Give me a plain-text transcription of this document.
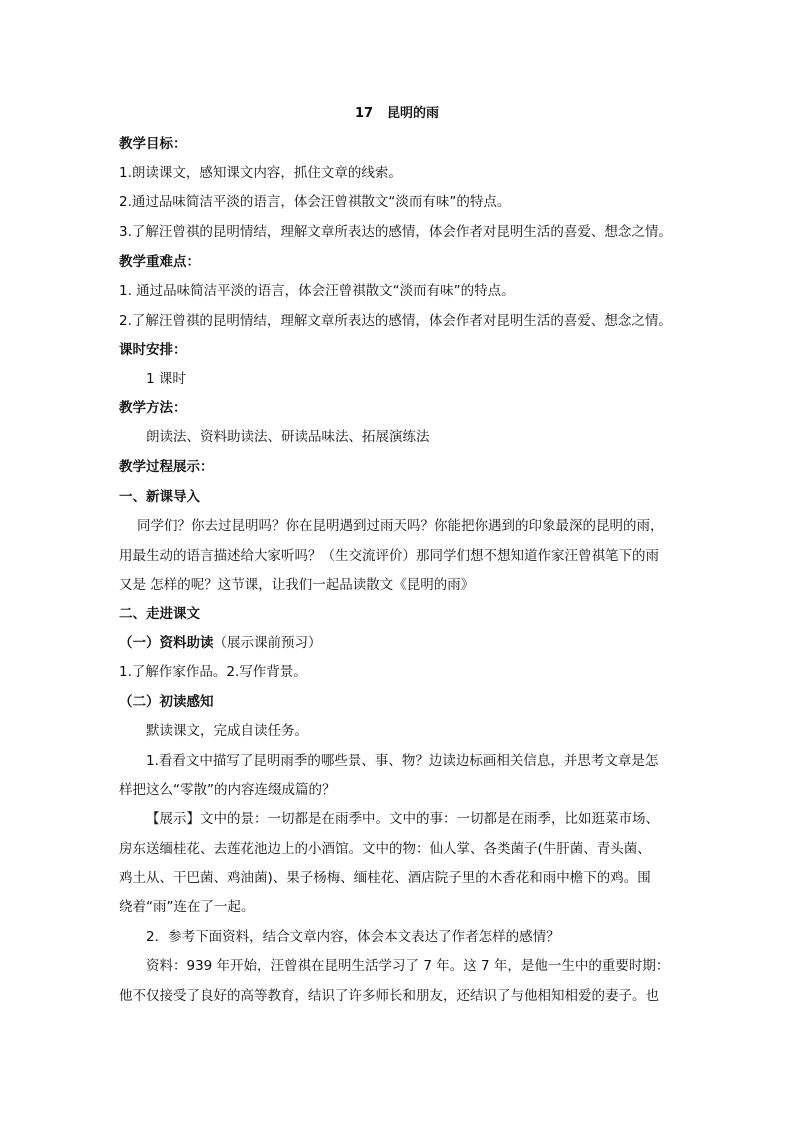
17 昆明的雨
教学目标：
1.朗读课文，感知课文内容，抓住文章的线索。
2.通过品味简洁平淡的语言，体会汪曾祺散文“淡而有味”的特点。
3.了解汪曾祺的昆明情结，理解文章所表达的感情，体会作者对昆明生活的喜爱、想念之情。
教学重难点：
1. 通过品味简洁平淡的语言，体会汪曾祺散文“淡而有味”的特点。
2.了解汪曾祺的昆明情结，理解文章所表达的感情，体会作者对昆明生活的喜爱、想念之情。
课时安排：
1 课时
教学方法：
朗读法、资料助读法、研读品味法、拓展演练法
教学过程展示：
一、新课导入
同学们？你去过昆明吗？你在昆明遇到过雨天吗？你能把你遇到的印象最深的昆明的雨，
用最生动的语言描述给大家听吗？（生交流评价）那同学们想不想知道作家汪曾祺笔下的雨
又是 怎样的呢？这节课，让我们一起品读散文《昆明的雨》
二、走进课文
（一）资料助读（展示课前预习）
1.了解作家作品。2.写作背景。
（二）初读感知
默读课文，完成自读任务。
1.看看文中描写了昆明雨季的哪些景、事、物？边读边标画相关信息，并思考文章是怎
样把这么“零散”的内容连缀成篇的？
【展示】文中的景：一切都是在雨季中。文中的事：一切都是在雨季，比如逛菜市场、
房东送缅桂花、去莲花池边上的小酒馆。文中的物：仙人掌、各类菌子(牛肝菌、青头菌、
鸡土从、干巴菌、鸡油菌)、果子杨梅、缅桂花、酒店院子里的木香花和雨中檐下的鸡。围
绕着“雨”连在了一起。
2．参考下面资料，结合文章内容，体会本文表达了作者怎样的感情？
资料：939 年开始，汪曾祺在昆明生活学习了 7 年。这 7 年，是他一生中的重要时期：
他不仅接受了良好的高等教育，结识了许多师长和朋友，还结识了与他相知相爱的妻子。也
